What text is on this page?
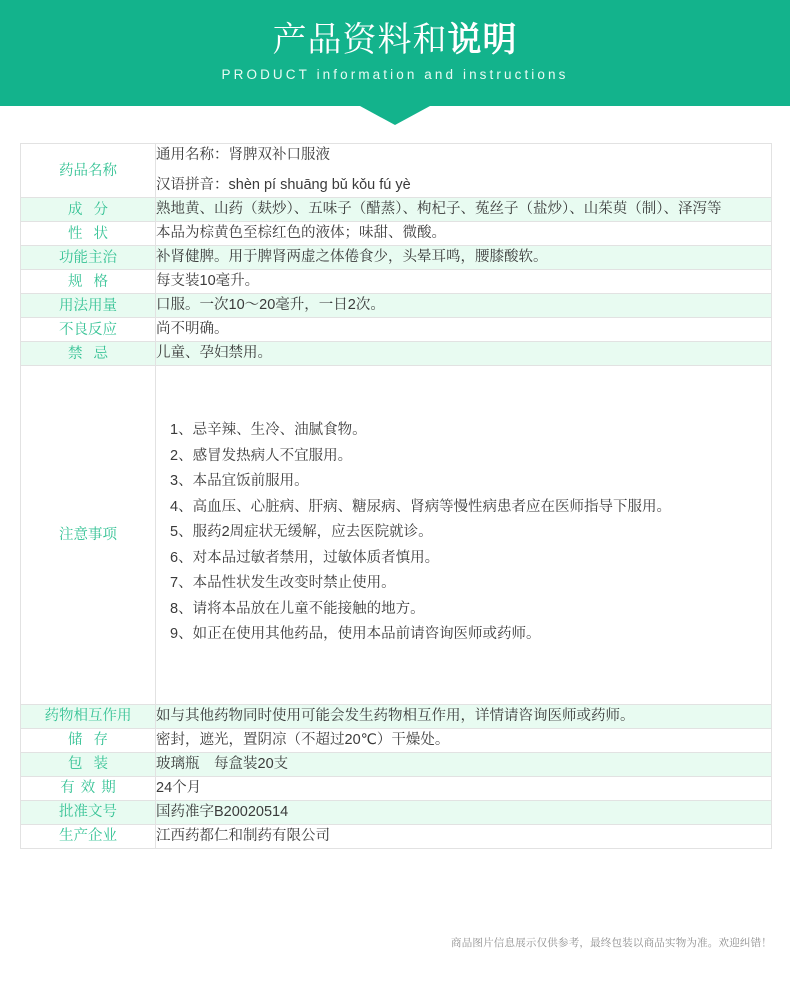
产品资料和说明
PRODUCT information and instructions
药品名称	通用名称：肾脾双补口服液
汉语拼音：shèn pí shuāng bǔ kǒu fú yè

成分	熟地黄、山药（麸炒）、五味子（醋蒸）、枸杞子、菟丝子（盐炒）、山茱萸（制）、泽泻等
性状	本品为棕黄色至棕红色的液体；味甜、微酸。
功能主治	补肾健脾。用于脾肾两虚之体倦食少，头晕耳鸣，腰膝酸软。
规格	每支装10毫升。
用法用量	口服。一次10～20毫升，一日2次。
不良反应	尚不明确。
禁忌	儿童、孕妇禁用。
注意事项	
1、忌辛辣、生冷、油腻食物。
2、感冒发热病人不宜服用。
3、本品宜饭前服用。
4、高血压、心脏病、肝病、糖尿病、肾病等慢性病患者应在医师指导下服用。
5、服药2周症状无缓解，应去医院就诊。
6、对本品过敏者禁用，过敏体质者慎用。
7、本品性状发生改变时禁止使用。
8、请将本品放在儿童不能接触的地方。
9、如正在使用其他药品，使用本品前请咨询医师或药师。

药物相互作用	如与其他药物同时使用可能会发生药物相互作用，详情请咨询医师或药师。
储存	密封，遮光，置阴凉（不超过20℃）干燥处。
包装	玻璃瓶　每盒装20支
有效期	24个月
批准文号	国药准字B20020514
生产企业	江西药都仁和制药有限公司
商品图片信息展示仅供参考，最终包装以商品实物为准。欢迎纠错！
